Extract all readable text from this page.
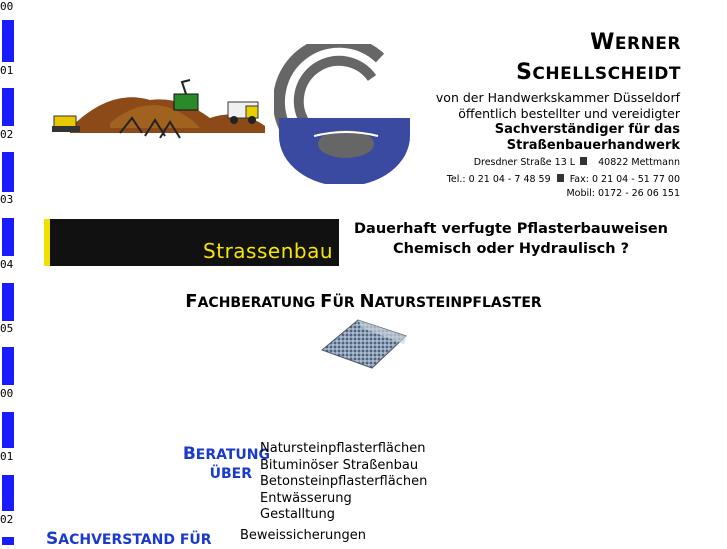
00
01
02
03
04
05
00
01
02
WERNER
SCHELLSCHEIDT
von der Handwerkskammer Düsseldorf
öffentlich bestellter und vereidigter
Sachverständiger für das
Straßenbauerhandwerk
Dresdner Straße 13 L 40822 Mettmann
Tel.: 0 21 04 - 7 48 59 Fax: 0 21 04 - 51 77 00
Mobil: 0172 - 26 06 151
Strassenbau
Dauerhaft verfugte Pflasterbauweisen
Chemisch oder Hydraulisch ?
FACHBERATUNG FÜR NATURSTEINPFLASTER
BERATUNG
ÜBER
Natursteinpflasterflächen
Bituminöser Straßenbau
Betonsteinpflasterflächen
Entwässerung
Gestalltung
SACHVERSTAND FÜR	Beweissicherungen
